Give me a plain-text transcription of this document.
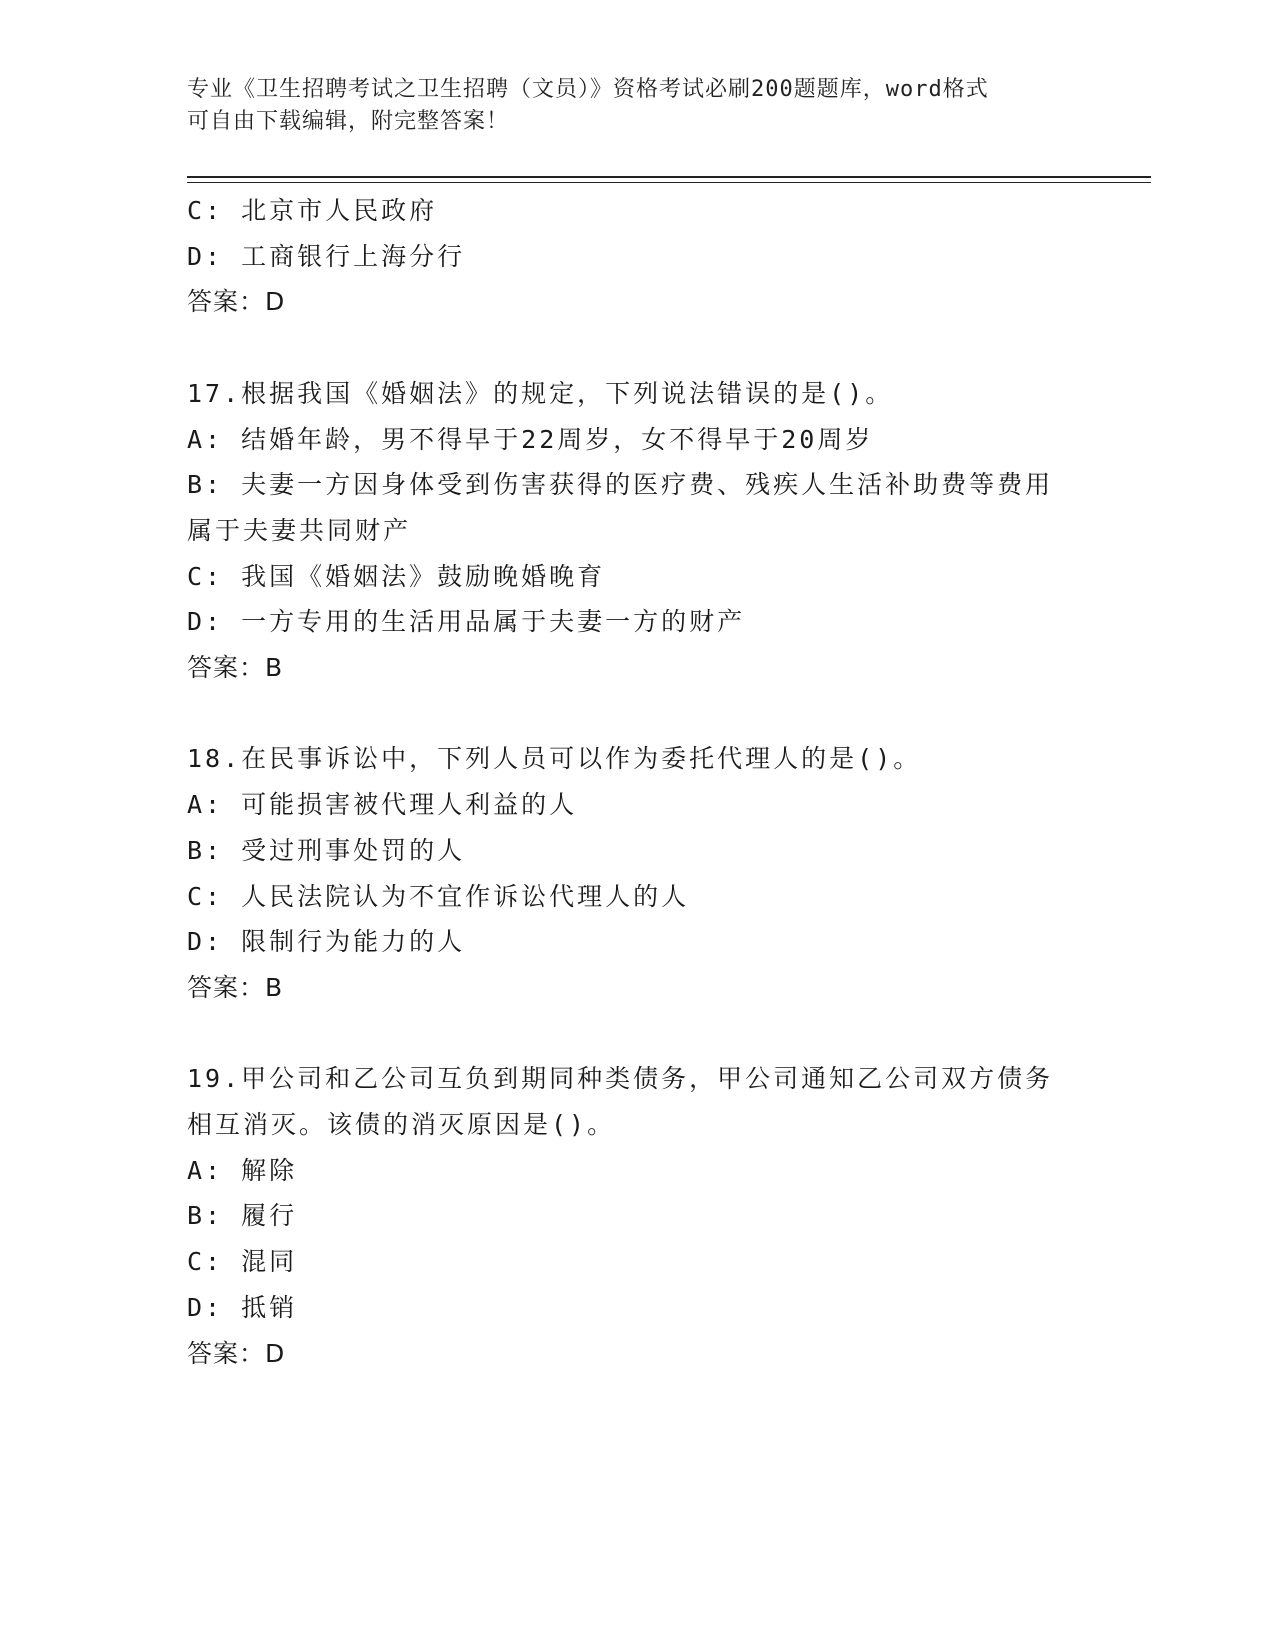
专业《卫生招聘考试之卫生招聘（文员）》资格考试必刷200题题库，word格式
可自由下载编辑，附完整答案！
C: 北京市人民政府
D: 工商银行上海分行
答案：D
17.根据我国《婚姻法》的规定，下列说法错误的是()。
A: 结婚年龄，男不得早于22周岁，女不得早于20周岁
B: 夫妻一方因身体受到伤害获得的医疗费、残疾人生活补助费等费用
属于夫妻共同财产
C: 我国《婚姻法》鼓励晚婚晚育
D: 一方专用的生活用品属于夫妻一方的财产
答案：B
18.在民事诉讼中，下列人员可以作为委托代理人的是()。
A: 可能损害被代理人利益的人
B: 受过刑事处罚的人
C: 人民法院认为不宜作诉讼代理人的人
D: 限制行为能力的人
答案：B
19.甲公司和乙公司互负到期同种类债务，甲公司通知乙公司双方债务
相互消灭。该债的消灭原因是()。
A: 解除
B: 履行
C: 混同
D: 抵销
答案：D
